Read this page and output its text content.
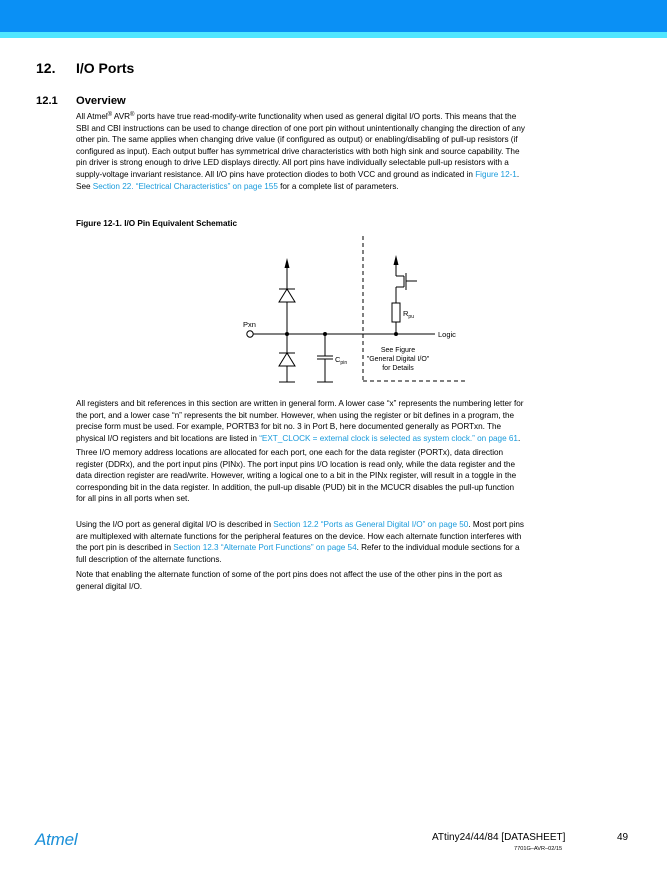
12. I/O Ports
12.1 Overview
All Atmel® AVR® ports have true read-modify-write functionality when used as general digital I/O ports. This means that the
SBI and CBI instructions can be used to change direction of one port pin without unintentionally changing the direction of any
other pin. The same applies when changing drive value (if configured as output) or enabling/disabling of pull-up resistors (if
configured as input). Each output buffer has symmetrical drive characteristics with both high sink and source capability. The
pin driver is strong enough to drive LED displays directly. All port pins have individually selectable pull-up resistors with a
supply-voltage invariant resistance. All I/O pins have protection diodes to both VCC and ground as indicated in Figure 12-1.
See Section 22. “Electrical Characteristics” on page 155 for a complete list of parameters.
Figure 12-1. I/O Pin Equivalent Schematic
Pxn
$C_{pin}$
$R_{pu}$
Logic
See Figure
"General Digital I/O"
for Details
All registers and bit references in this section are written in general form. A lower case “x” represents the numbering letter for
the port, and a lower case “n” represents the bit number. However, when using the register or bit defines in a program, the
precise form must be used. For example, PORTB3 for bit no. 3 in Port B, here documented generally as PORTxn. The
physical I/O registers and bit locations are listed in “EXT_CLOCK = external clock is selected as system clock.” on page 61.
Three I/O memory address locations are allocated for each port, one each for the data register (PORTx), data direction
register (DDRx), and the port input pins (PINx). The port input pins I/O location is read only, while the data register and the
data direction register are read/write. However, writing a logical one to a bit in the PINx register, will result in a toggle in the
corresponding bit in the data register. In addition, the pull-up disable (PUD) bit in the MCUCR disables the pull-up function
for all pins in all ports when set.
Using the I/O port as general digital I/O is described in Section 12.2 “Ports as General Digital I/O” on page 50. Most port pins
are multiplexed with alternate functions for the peripheral features on the device. How each alternate function interferes with
the port pin is described in Section 12.3 “Alternate Port Functions” on page 54. Refer to the individual module sections for a
full description of the alternate functions.
Note that enabling the alternate function of some of the port pins does not affect the use of the other pins in the port as
general digital I/O.
Atmel	ATtiny24/44/84 [DATASHEET]	49
7701G–AVR–02/15
